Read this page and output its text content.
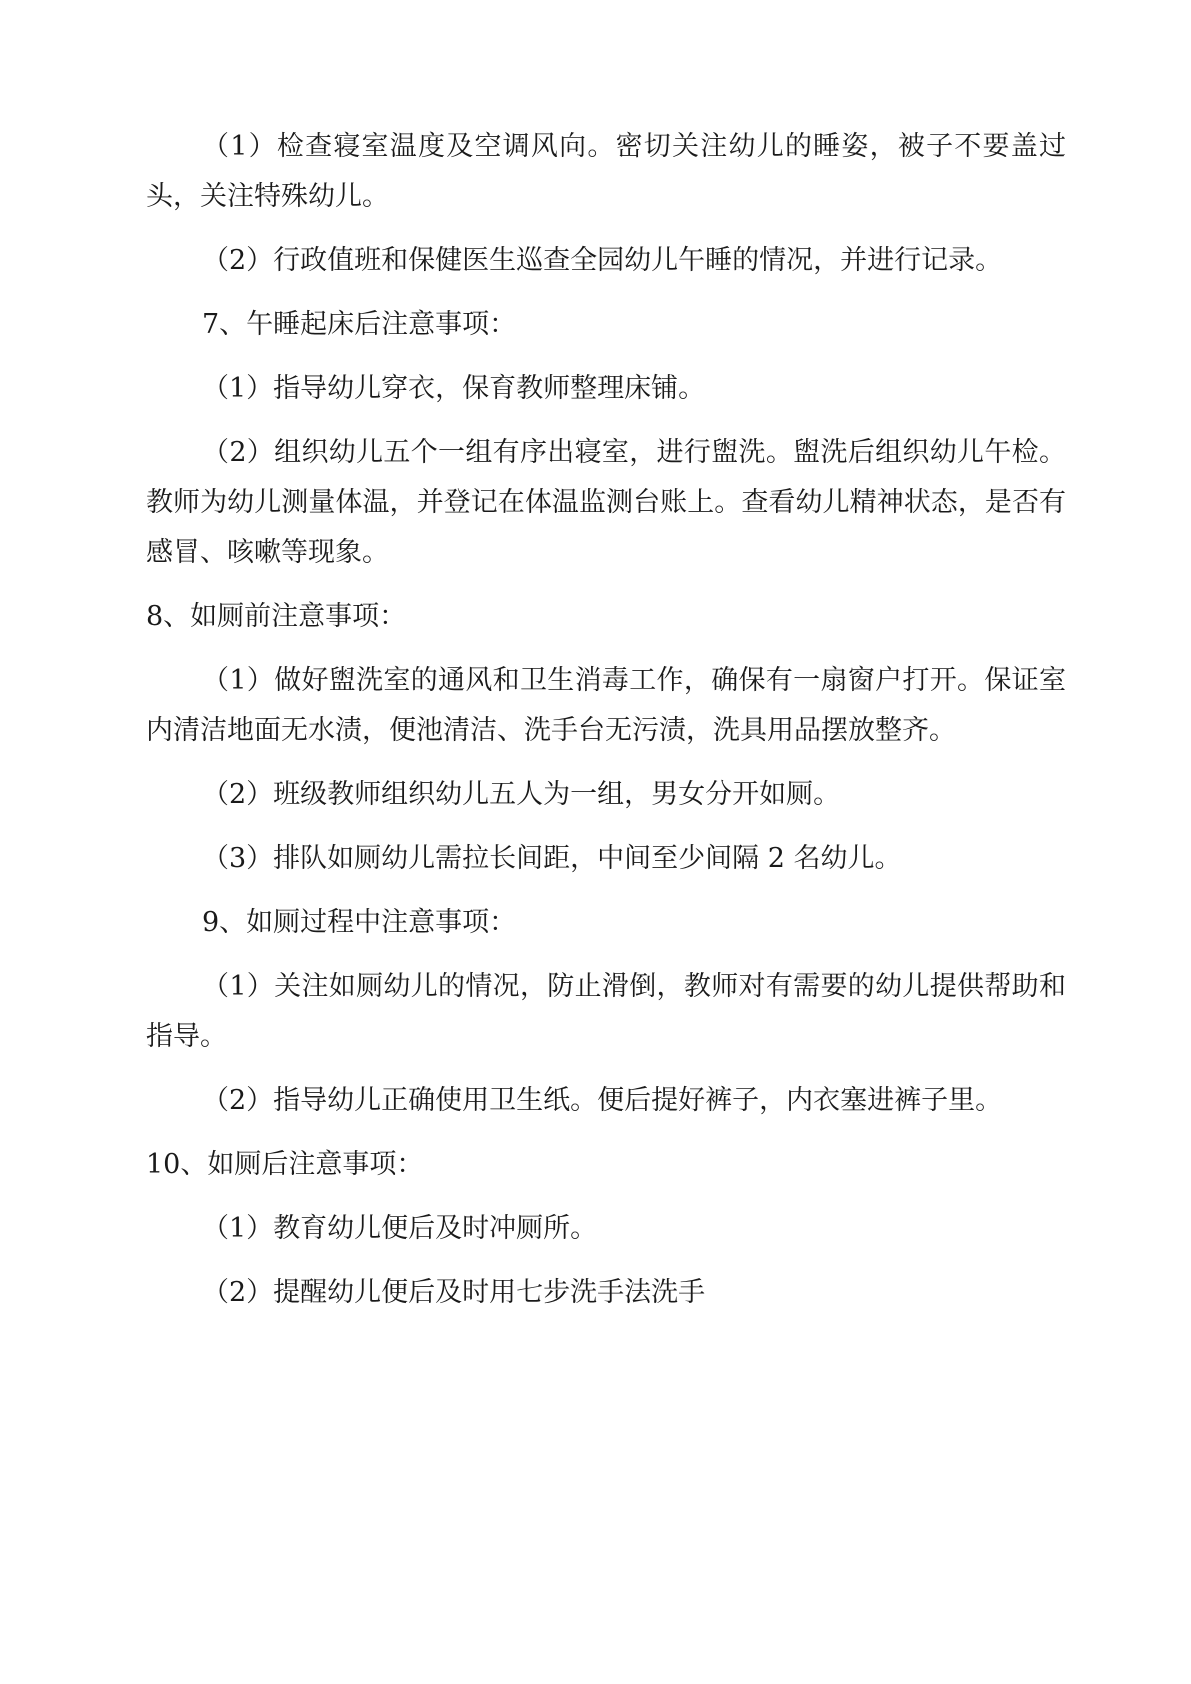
（1）检查寝室温度及空调风向。密切关注幼儿的睡姿，被子不要盖过头，关注特殊幼儿。

（2）行政值班和保健医生巡查全园幼儿午睡的情况，并进行记录。

7、午睡起床后注意事项：

（1）指导幼儿穿衣，保育教师整理床铺。

（2）组织幼儿五个一组有序出寝室，进行盥洗。盥洗后组织幼儿午检。教师为幼儿测量体温，并登记在体温监测台账上。查看幼儿精神状态，是否有感冒、咳嗽等现象。

8、如厕前注意事项：

（1）做好盥洗室的通风和卫生消毒工作，确保有一扇窗户打开。保证室内清洁地面无水渍，便池清洁、洗手台无污渍，洗具用品摆放整齐。

（2）班级教师组织幼儿五人为一组，男女分开如厕。

（3）排队如厕幼儿需拉长间距，中间至少间隔 2 名幼儿。

9、如厕过程中注意事项：

（1）关注如厕幼儿的情况，防止滑倒，教师对有需要的幼儿提供帮助和指导。

（2）指导幼儿正确使用卫生纸。便后提好裤子，内衣塞进裤子里。

10、如厕后注意事项：

（1）教育幼儿便后及时冲厕所。

（2）提醒幼儿便后及时用七步洗手法洗手
